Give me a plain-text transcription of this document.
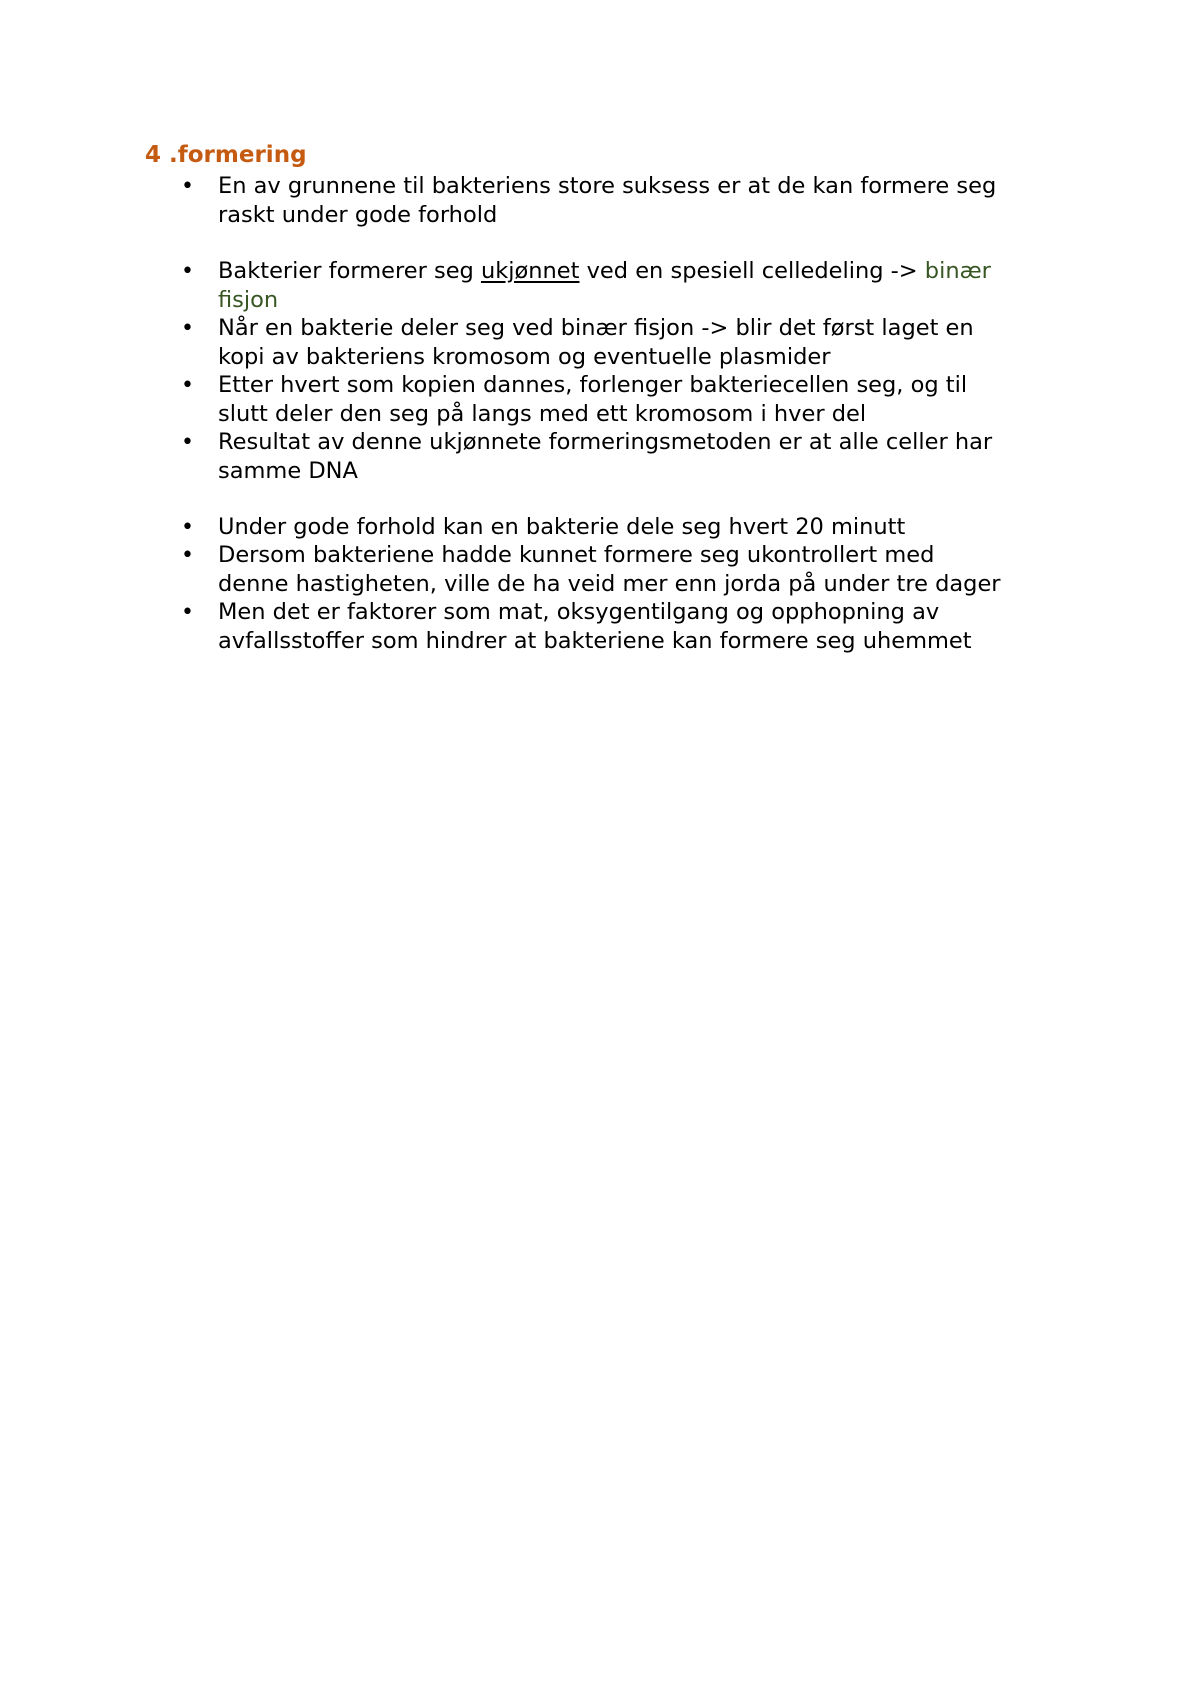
4 .formering
• En av grunnene til bakteriens store suksess er at de kan formere seg
raskt under gode forhold

• Bakterier formerer seg ukjønnet ved en spesiell celledeling -> binær
fisjon

• Når en bakterie deler seg ved binær fisjon -> blir det først laget en
kopi av bakteriens kromosom og eventuelle plasmider

• Etter hvert som kopien dannes, forlenger bakteriecellen seg, og til
slutt deler den seg på langs med ett kromosom i hver del

• Resultat av denne ukjønnete formeringsmetoden er at alle celler har
samme DNA

• Under gode forhold kan en bakterie dele seg hvert 20 minutt

• Dersom bakteriene hadde kunnet formere seg ukontrollert med
denne hastigheten, ville de ha veid mer enn jorda på under tre dager

• Men det er faktorer som mat, oksygentilgang og opphopning av
avfallsstoffer som hindrer at bakteriene kan formere seg uhemmet
